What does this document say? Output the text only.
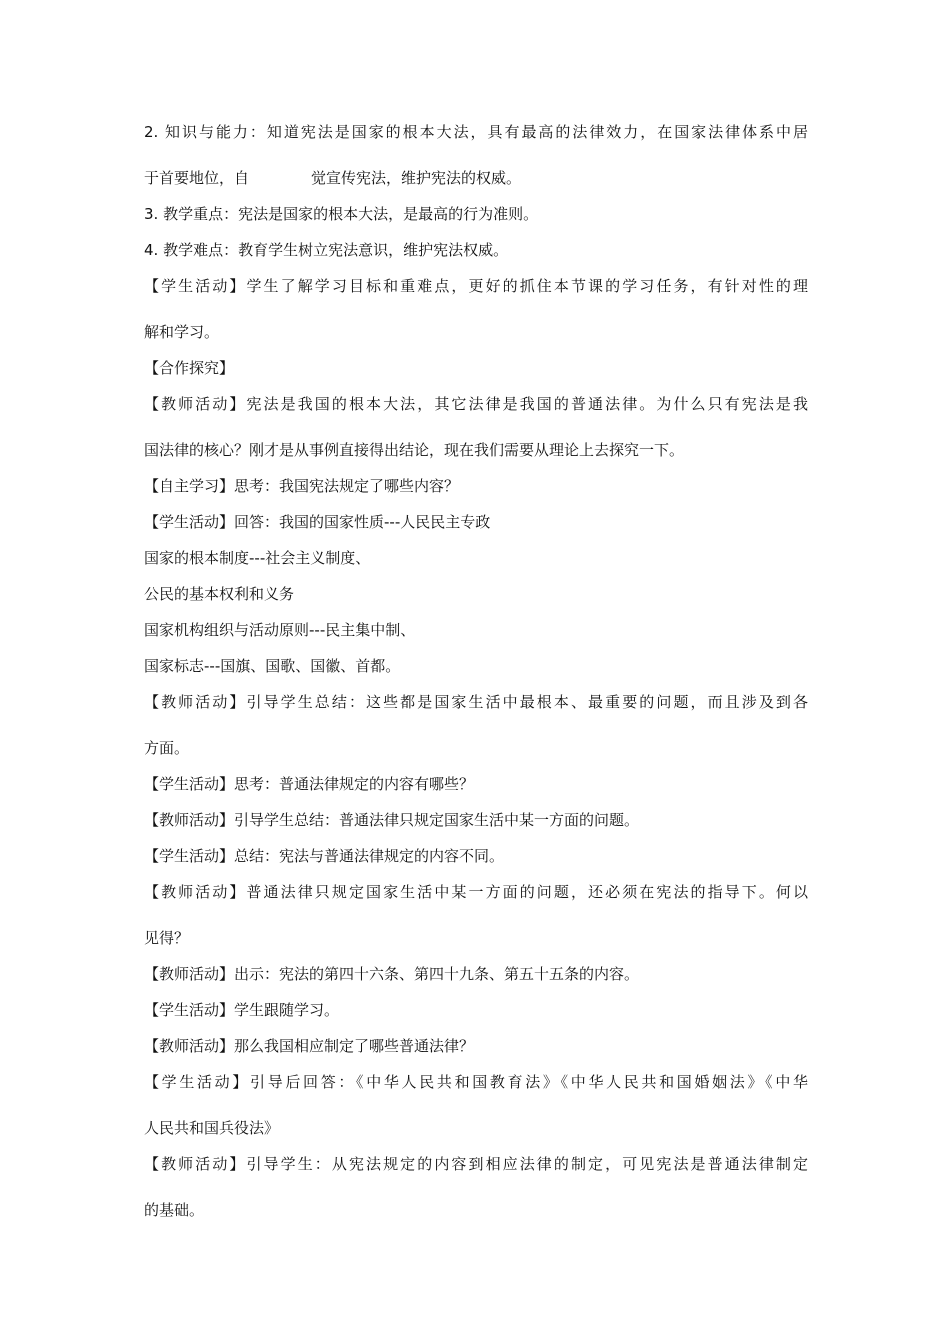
2. 知识与能力：知道宪法是国家的根本大法，具有最高的法律效力，在国家法律体系中居

于首要地位，自	觉宣传宪法，维护宪法的权威。

3. 教学重点：宪法是国家的根本大法，是最高的行为准则。

4. 教学难点：教育学生树立宪法意识，维护宪法权威。

【学生活动】学生了解学习目标和重难点，更好的抓住本节课的学习任务，有针对性的理

解和学习。

【合作探究】

【教师活动】宪法是我国的根本大法，其它法律是我国的普通法律。为什么只有宪法是我

国法律的核心？刚才是从事例直接得出结论，现在我们需要从理论上去探究一下。

【自主学习】思考：我国宪法规定了哪些内容？

【学生活动】回答：我国的国家性质---人民民主专政

国家的根本制度---社会主义制度、

公民的基本权利和义务

国家机构组织与活动原则---民主集中制、

国家标志---国旗、国歌、国徽、首都。

【教师活动】引导学生总结：这些都是国家生活中最根本、最重要的问题，而且涉及到各

方面。

【学生活动】思考：普通法律规定的内容有哪些？

【教师活动】引导学生总结：普通法律只规定国家生活中某一方面的问题。

【学生活动】总结：宪法与普通法律规定的内容不同。

【教师活动】普通法律只规定国家生活中某一方面的问题，还必须在宪法的指导下。何以

见得？

【教师活动】出示：宪法的第四十六条、第四十九条、第五十五条的内容。

【学生活动】学生跟随学习。

【教师活动】那么我国相应制定了哪些普通法律？

【学生活动】引导后回答：《中华人民共和国教育法》《中华人民共和国婚姻法》《中华

人民共和国兵役法》

【教师活动】引导学生：从宪法规定的内容到相应法律的制定，可见宪法是普通法律制定

的基础。
